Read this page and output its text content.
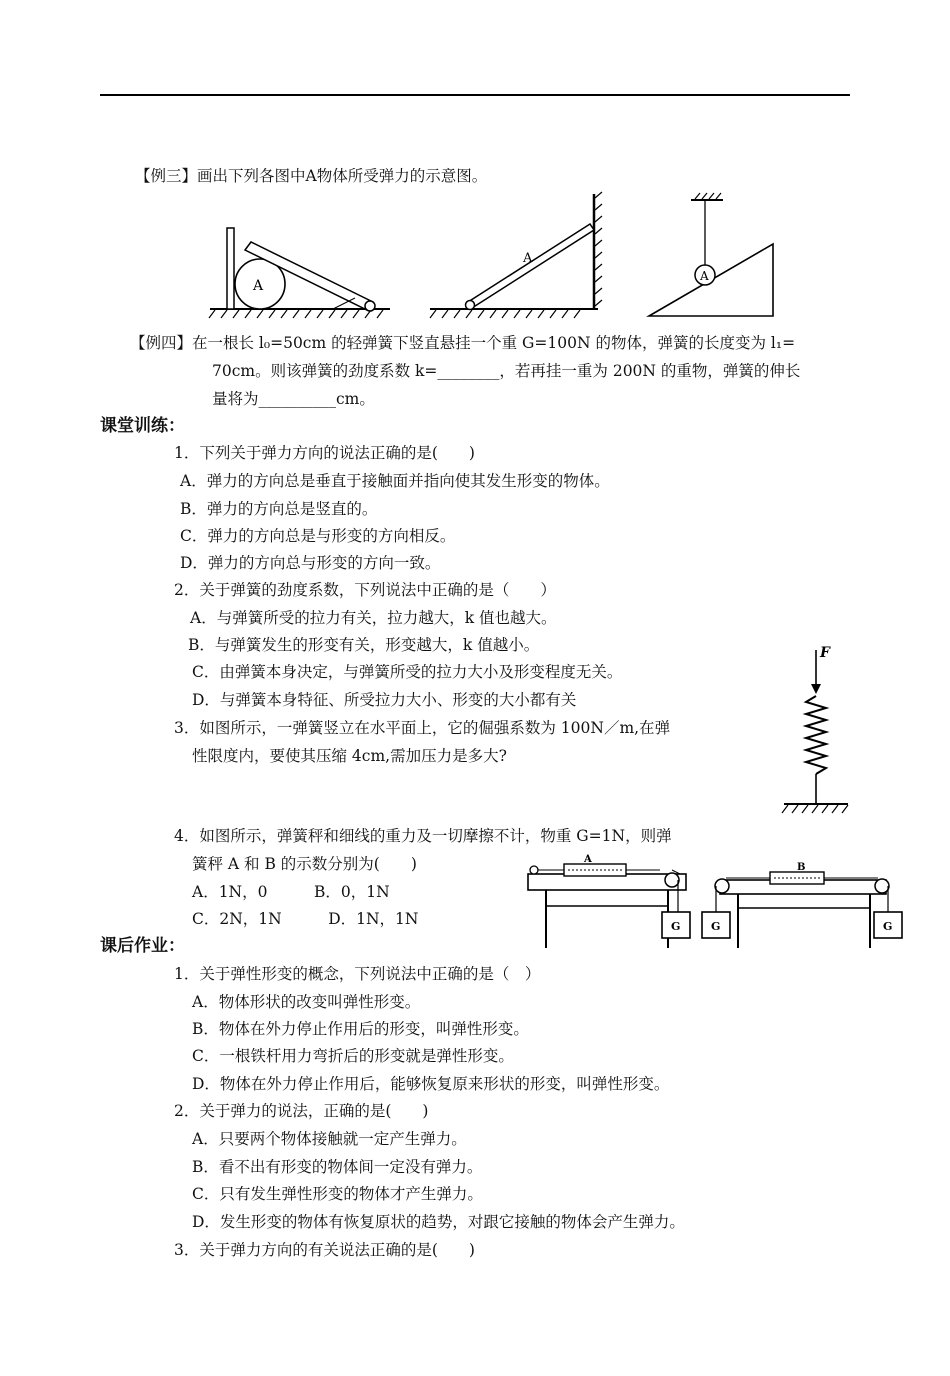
【例三】画出下列各图中A物体所受弹力的示意图。
A
A
A
【例四】在一根长 l₀=50cm 的轻弹簧下竖直悬挂一个重 G=100N 的物体，弹簧的长度变为 l₁=
70cm。则该弹簧的劲度系数 k=________，若再挂一重为 200N 的重物，弹簧的伸长
量将为__________cm。
课堂训练：
1．下列关于弹力方向的说法正确的是(　　)
A．弹力的方向总是垂直于接触面并指向使其发生形变的物体。
B．弹力的方向总是竖直的。
C．弹力的方向总是与形变的方向相反。
D．弹力的方向总与形变的方向一致。
2．关于弹簧的劲度系数，下列说法中正确的是（　　）
A．与弹簧所受的拉力有关，拉力越大，k 值也越大。
B．与弹簧发生的形变有关，形变越大，k 值越小。
C．由弹簧本身决定，与弹簧所受的拉力大小及形变程度无关。
D．与弹簧本身特征、所受拉力大小、形变的大小都有关
3．如图所示，一弹簧竖立在水平面上，它的倔强系数为 100N／m,在弹
性限度内，要使其压缩 4cm,需加压力是多大?
F
4．如图所示，弹簧秤和细线的重力及一切摩擦不计，物重 G=1N，则弹
簧秤 A 和 B 的示数分别为(　　)
A．1N，0　　　B．0，1N
C．2N，1N　　　D．1N，1N
A
G
B
G	G
课后作业：
1．关于弹性形变的概念，下列说法中正确的是（　）
A．物体形状的改变叫弹性形变。
B．物体在外力停止作用后的形变，叫弹性形变。
C．一根铁杆用力弯折后的形变就是弹性形变。
D．物体在外力停止作用后，能够恢复原来形状的形变，叫弹性形变。
2．关于弹力的说法，正确的是(　　)
A．只要两个物体接触就一定产生弹力。
B．看不出有形变的物体间一定没有弹力。
C．只有发生弹性形变的物体才产生弹力。
D．发生形变的物体有恢复原状的趋势，对跟它接触的物体会产生弹力。
3．关于弹力方向的有关说法正确的是(　　)
